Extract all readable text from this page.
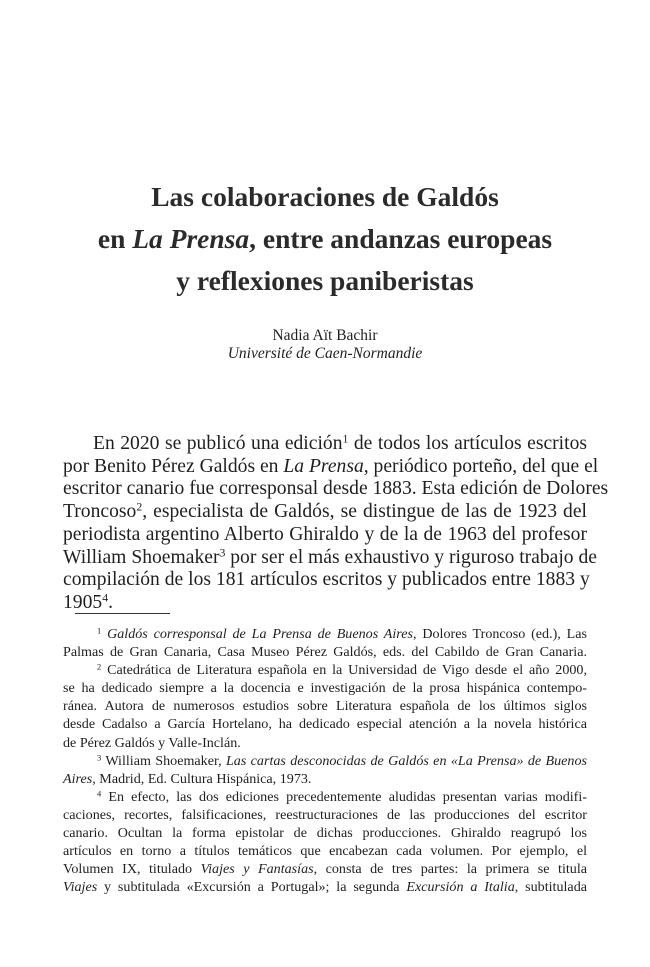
Las colaboraciones de Galdós
en La Prensa, entre andanzas europeas
y reflexiones paniberistas
Nadia Aït Bachir
Université de Caen-Normandie
En 2020 se publicó una edición$^1$ de todos los artículos escritos
por Benito Pérez Galdós en La Prensa, periódico porteño, del que el
escritor canario fue corresponsal desde 1883. Esta edición de Dolores
Troncoso$^2$, especialista de Galdós, se distingue de las de 1923 del
periodista argentino Alberto Ghiraldo y de la de 1963 del profesor
William Shoemaker$^3$ por ser el más exhaustivo y riguroso trabajo de
compilación de los 181 artículos escritos y publicados entre 1883 y
1905$^4$.
$^1$ Galdós corresponsal de La Prensa de Buenos Aires, Dolores Troncoso (ed.), Las
Palmas de Gran Canaria, Casa Museo Pérez Galdós, eds. del Cabildo de Gran Canaria.
$^2$ Catedrática de Literatura española en la Universidad de Vigo desde el año 2000,
se ha dedicado siempre a la docencia e investigación de la prosa hispánica contempo-
ránea. Autora de numerosos estudios sobre Literatura española de los últimos siglos
desde Cadalso a García Hortelano, ha dedicado especial atención a la novela histórica
de Pérez Galdós y Valle-Inclán.
$^3$ William Shoemaker, Las cartas desconocidas de Galdós en «La Prensa» de Buenos
Aires, Madrid, Ed. Cultura Hispánica, 1973.
$^4$ En efecto, las dos ediciones precedentemente aludidas presentan varias modifi-
caciones, recortes, falsificaciones, reestructuraciones de las producciones del escritor
canario. Ocultan la forma epistolar de dichas producciones. Ghiraldo reagrupó los
artículos en torno a títulos temáticos que encabezan cada volumen. Por ejemplo, el
Volumen IX, titulado Viajes y Fantasías, consta de tres partes: la primera se titula
Viajes y subtitulada «Excursión a Portugal»; la segunda Excursión a Italia, subtitulada
